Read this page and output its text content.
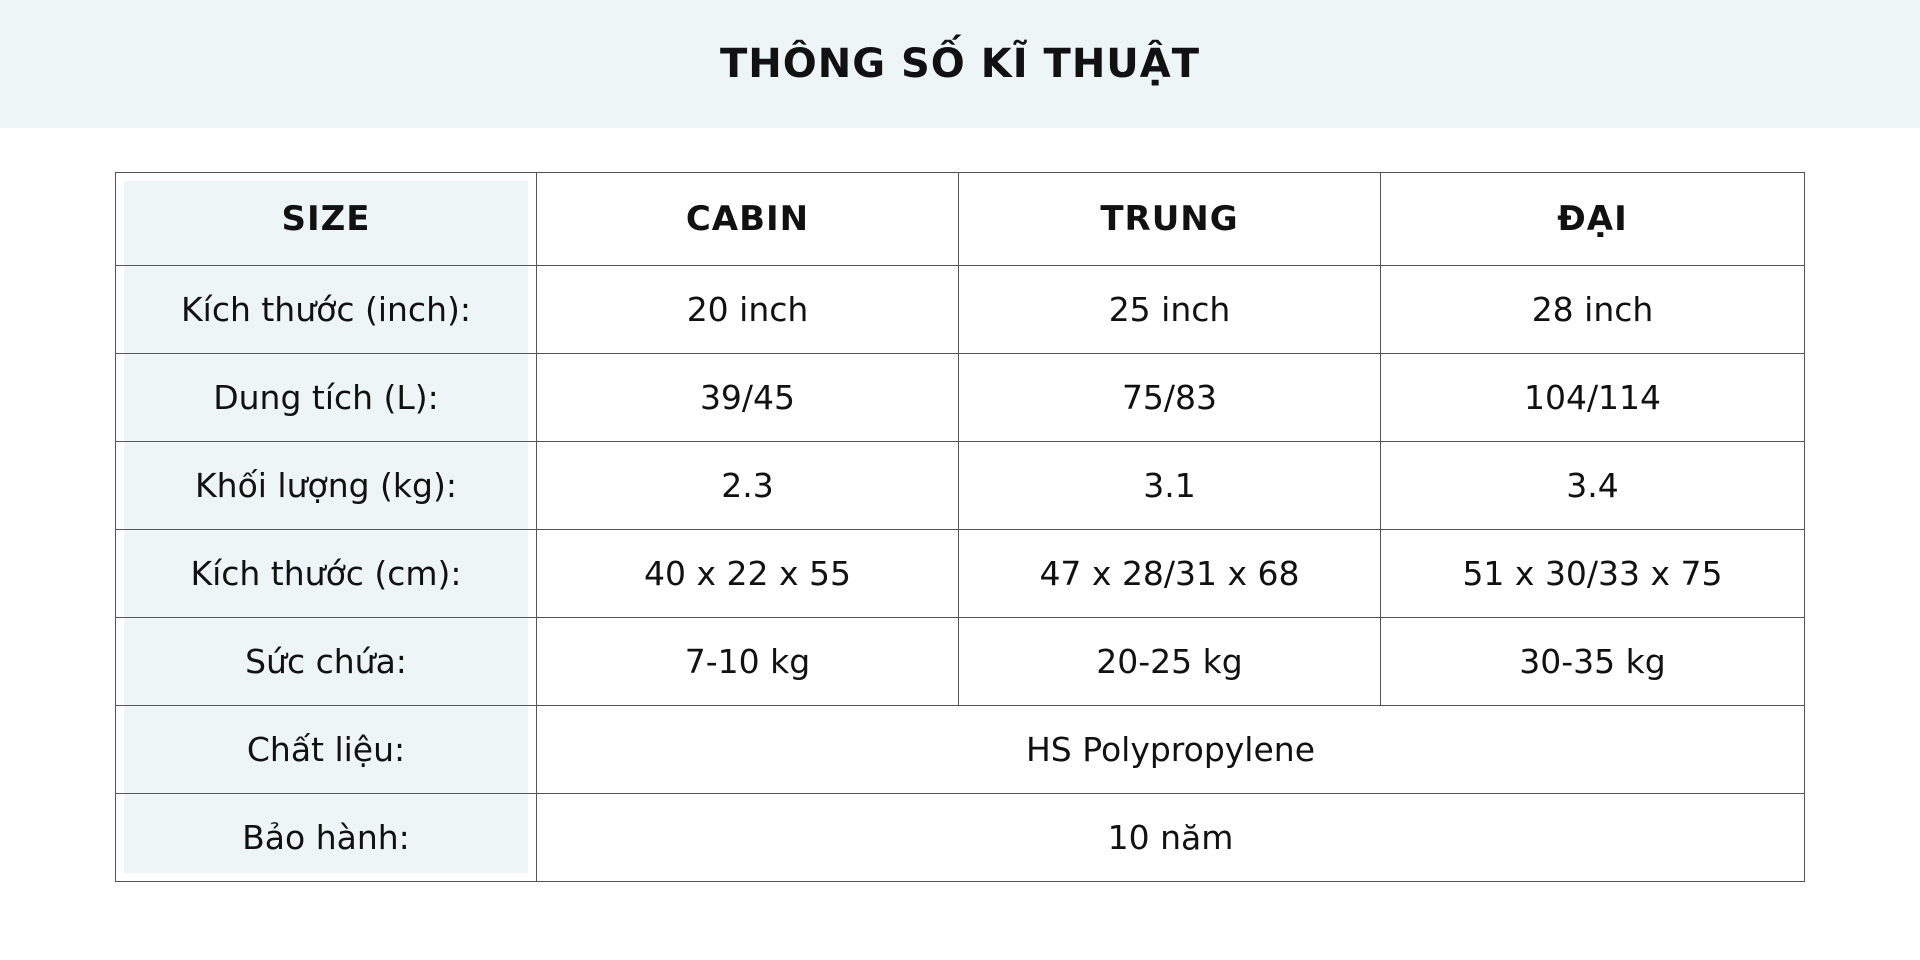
THÔNG SỐ KĨ THUẬT
SIZE	CABIN	TRUNG	ĐẠI
Kích thước (inch):	20 inch	25 inch	28 inch
Dung tích (L):	39/45	75/83	104/114
Khối lượng (kg):	2.3	3.1	3.4
Kích thước (cm):	40 x 22 x 55	47 x 28/31 x 68	51 x 30/33 x 75
Sức chứa:	7-10 kg	20-25 kg	30-35 kg
Chất liệu:	HS Polypropylene		
Bảo hành:	10 năm		
